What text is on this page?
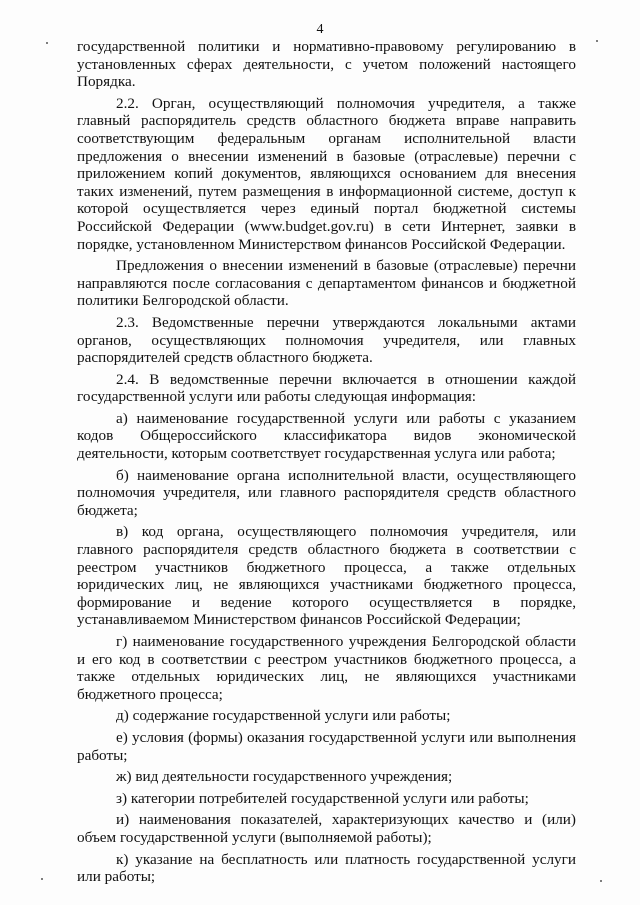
4

государственной политики и нормативно-правовому регулированию в установленных сферах деятельности, с учетом положений настоящего Порядка.

2.2. Орган, осуществляющий полномочия учредителя, а также главный распорядитель средств областного бюджета вправе направить соответствующим федеральным органам исполнительной власти предложения о внесении изменений в базовые (отраслевые) перечни с приложением копий документов, являющихся основанием для внесения таких изменений, путем размещения в информационной системе, доступ к которой осуществляется через единый портал бюджетной системы Российской Федерации (www.budget.gov.ru) в сети Интернет, заявки в порядке, установленном Министерством финансов Российской Федерации.

Предложения о внесении изменений в базовые (отраслевые) перечни направляются после согласования с департаментом финансов и бюджетной политики Белгородской области.

2.3. Ведомственные перечни утверждаются локальными актами органов, осуществляющих полномочия учредителя, или главных распорядителей средств областного бюджета.

2.4. В ведомственные перечни включается в отношении каждой государственной услуги или работы следующая информация:

а) наименование государственной услуги или работы с указанием кодов Общероссийского классификатора видов экономической деятельности, которым соответствует государственная услуга или работа;

б) наименование органа исполнительной власти, осуществляющего полномочия учредителя, или главного распорядителя средств областного бюджета;

в) код органа, осуществляющего полномочия учредителя, или главного распорядителя средств областного бюджета в соответствии с реестром участников бюджетного процесса, а также отдельных юридических лиц, не являющихся участниками бюджетного процесса, формирование и ведение которого осуществляется в порядке, устанавливаемом Министерством финансов Российской Федерации;

г) наименование государственного учреждения Белгородской области и его код в соответствии с реестром участников бюджетного процесса, а также отдельных юридических лиц, не являющихся участниками бюджетного процесса;

д) содержание государственной услуги или работы;

е) условия (формы) оказания государственной услуги или выполнения работы;

ж) вид деятельности государственного учреждения;

з) категории потребителей государственной услуги или работы;

и) наименования показателей, характеризующих качество и (или) объем государственной услуги (выполняемой работы);

к) указание на бесплатность или платность государственной услуги или работы;
